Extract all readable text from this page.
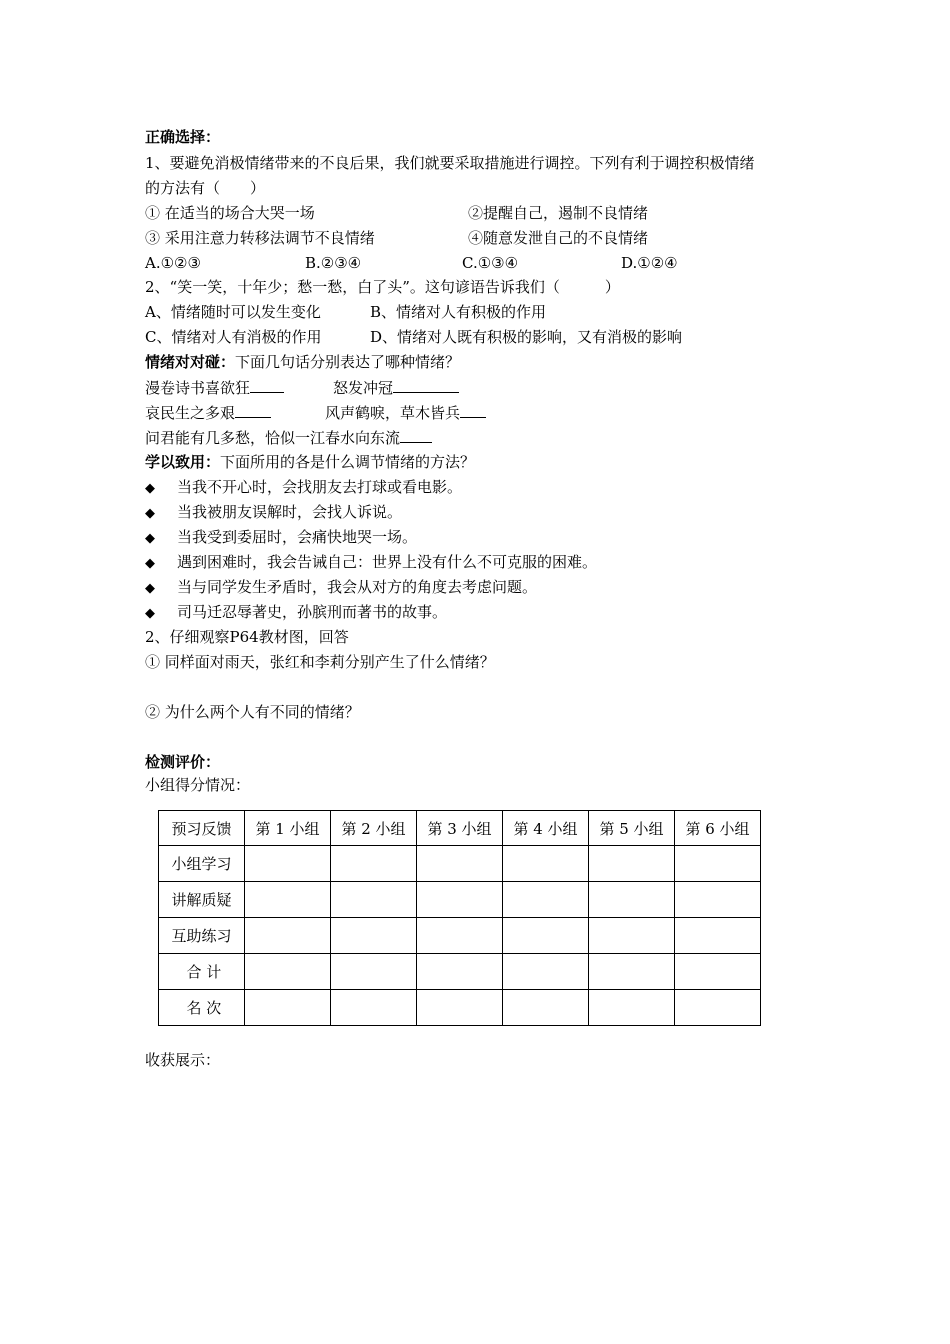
正确选择：
1、要避免消极情绪带来的不良后果，我们就要采取措施进行调控。下列有利于调控积极情绪
的方法有（　　）
① 在适当的场合大哭一场	②提醒自己，遏制不良情绪
③ 采用注意力转移法调节不良情绪	④随意发泄自己的不良情绪
A.①②③	B.②③④	C.①③④	D.①②④
2、“笑一笑，十年少；愁一愁，白了头”。这句谚语告诉我们（　　　）
A、情绪随时可以发生变化	B、情绪对人有积极的作用
C、情绪对人有消极的作用	D、情绪对人既有积极的影响，又有消极的影响
情绪对对碰：下面几句话分别表达了哪种情绪？
漫卷诗书喜欲狂	怒发冲冠
哀民生之多艰	风声鹤唳，草木皆兵
问君能有几多愁，恰似一江春水向东流
学以致用：下面所用的各是什么调节情绪的方法？
◆ 当我不开心时，会找朋友去打球或看电影。
◆ 当我被朋友误解时，会找人诉说。
◆ 当我受到委屈时，会痛快地哭一场。
◆ 遇到困难时，我会告诫自己：世界上没有什么不可克服的困难。
◆ 当与同学发生矛盾时，我会从对方的角度去考虑问题。
◆ 司马迁忍辱著史，孙膑刑而著书的故事。
2、仔细观察P64教材图，回答
① 同样面对雨天，张红和李莉分别产生了什么情绪？
② 为什么两个人有不同的情绪？
检测评价：
小组得分情况：
预习反馈	第 1 小组	第 2 小组	第 3 小组	第 4 小组	第 5 小组	第 6 小组
小组学习						
讲解质疑						
互助练习						
合 计						
名 次						
收获展示：
